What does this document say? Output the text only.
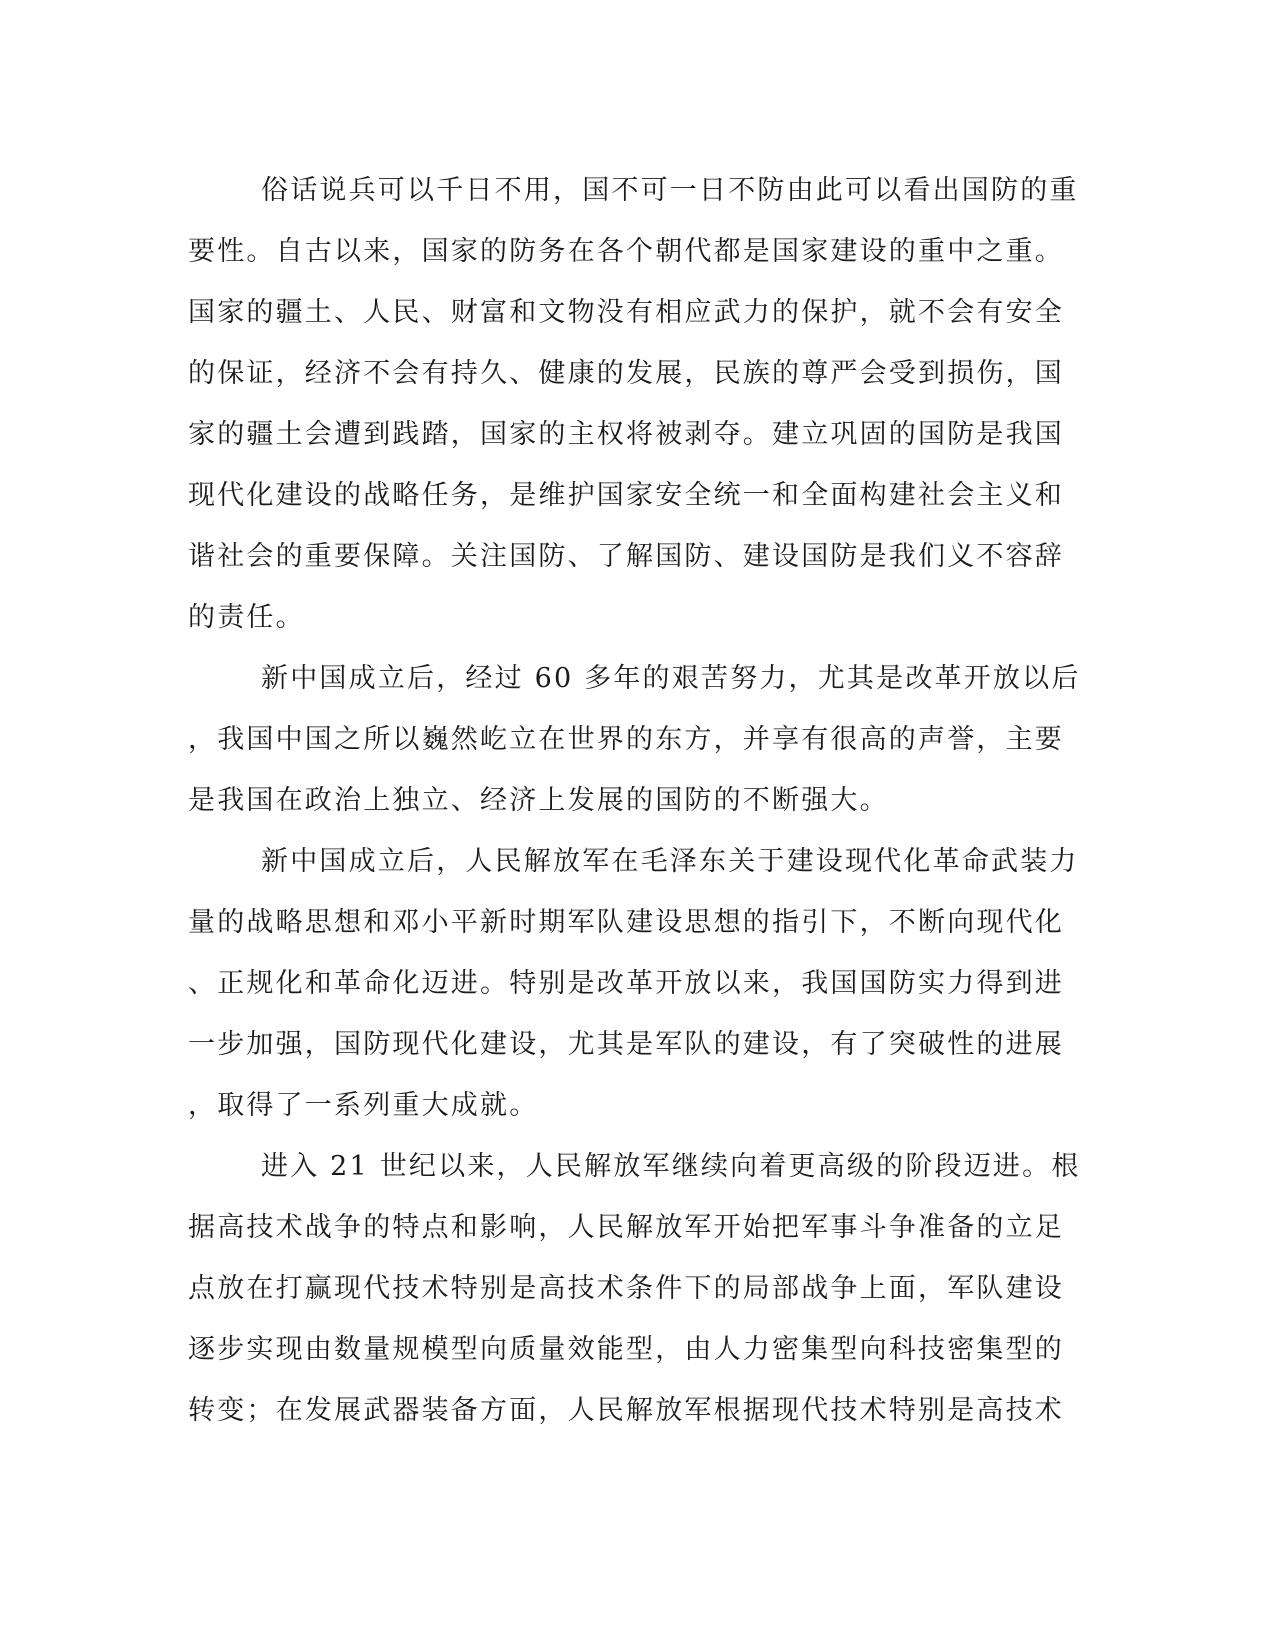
俗话说兵可以千日不用，国不可一日不防由此可以看出国防的重
要性。自古以来，国家的防务在各个朝代都是国家建设的重中之重。
国家的疆土、人民、财富和文物没有相应武力的保护，就不会有安全
的保证，经济不会有持久、健康的发展，民族的尊严会受到损伤，国
家的疆土会遭到践踏，国家的主权将被剥夺。建立巩固的国防是我国
现代化建设的战略任务，是维护国家安全统一和全面构建社会主义和
谐社会的重要保障。关注国防、了解国防、建设国防是我们义不容辞
的责任。
新中国成立后，经过 60 多年的艰苦努力，尤其是改革开放以后
，我国中国之所以巍然屹立在世界的东方，并享有很高的声誉，主要
是我国在政治上独立、经济上发展的国防的不断强大。
新中国成立后，人民解放军在毛泽东关于建设现代化革命武装力
量的战略思想和邓小平新时期军队建设思想的指引下，不断向现代化
、正规化和革命化迈进。特别是改革开放以来，我国国防实力得到进
一步加强，国防现代化建设，尤其是军队的建设，有了突破性的进展
，取得了一系列重大成就。
进入 21 世纪以来，人民解放军继续向着更高级的阶段迈进。根
据高技术战争的特点和影响，人民解放军开始把军事斗争准备的立足
点放在打赢现代技术特别是高技术条件下的局部战争上面，军队建设
逐步实现由数量规模型向质量效能型，由人力密集型向科技密集型的
转变；在发展武器装备方面，人民解放军根据现代技术特别是高技术
